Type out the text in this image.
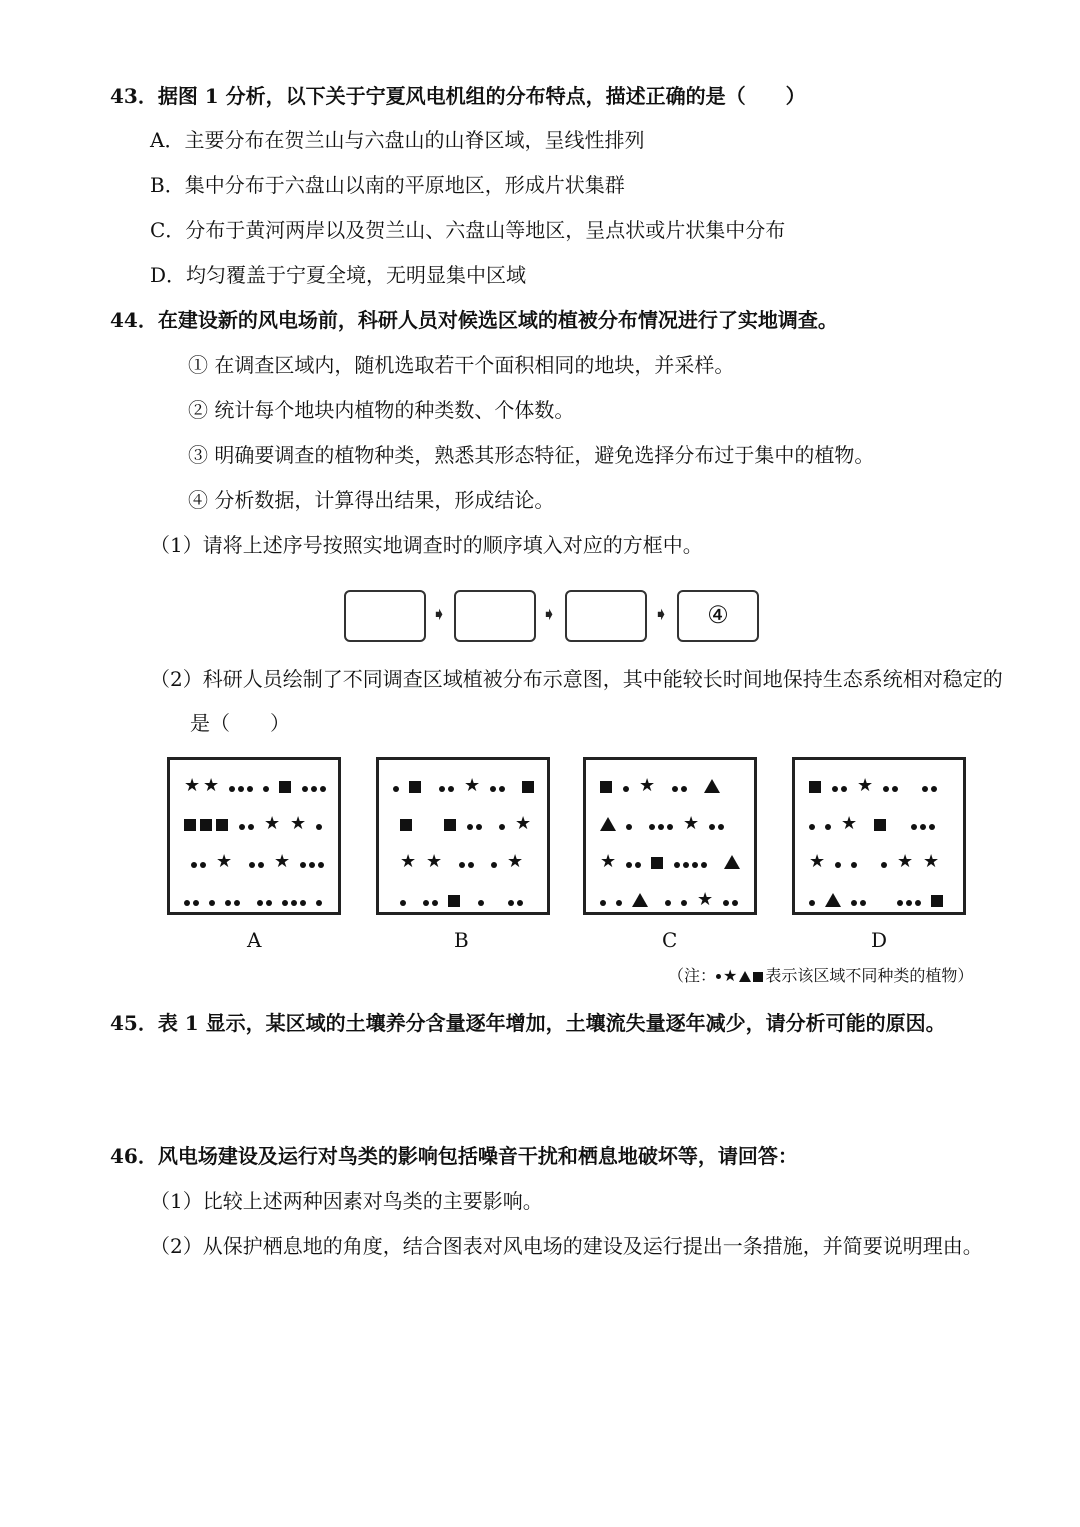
43．据图 1 分析，以下关于宁夏风电机组的分布特点，描述正确的是（　　）
A．主要分布在贺兰山与六盘山的山脊区域，呈线性排列
B．集中分布于六盘山以南的平原地区，形成片状集群
C．分布于黄河两岸以及贺兰山、六盘山等地区，呈点状或片状集中分布
D．均匀覆盖于宁夏全境，无明显集中区域
44．在建设新的风电场前，科研人员对候选区域的植被分布情况进行了实地调查。
① 在调查区域内，随机选取若干个面积相同的地块，并采样。
② 统计每个地块内植物的种类数、个体数。
③ 明确要调查的植物种类，熟悉其形态特征，避免选择分布过于集中的植物。
④ 分析数据，计算得出结果，形成结论。
（1）请将上述序号按照实地调查时的顺序填入对应的方框中。
➧	➧	➧	④
（2）科研人员绘制了不同调查区域植被分布示意图，其中能较长时间地保持生态系统相对稳定的
是（　　）
★ ★
★ ★
★ ★
★
★
★ ★	★
★
★
★
★
★
★
★	★ ★
A	B	C	D
（注： ★ 表示该区域不同种类的植物）
45．表 1 显示，某区域的土壤养分含量逐年增加，土壤流失量逐年减少，请分析可能的原因。
46．风电场建设及运行对鸟类的影响包括噪音干扰和栖息地破坏等，请回答：
（1）比较上述两种因素对鸟类的主要影响。
（2）从保护栖息地的角度，结合图表对风电场的建设及运行提出一条措施，并简要说明理由。
